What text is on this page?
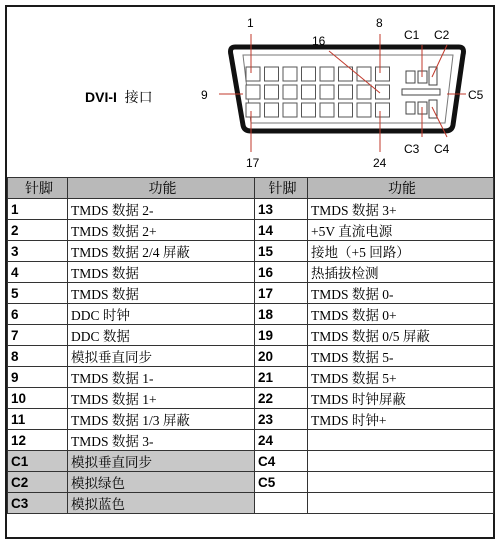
DVI-I 接口
1	8
9
16
17	24
C1 C2
C3 C4
C5
针脚	功能	针脚	功能
1	TMDS 数据 2-	13	TMDS 数据 3+
2	TMDS 数据 2+	14	+5V 直流电源
3	TMDS 数据 2/4 屏蔽	15	接地（+5 回路）
4	TMDS 数据	16	热插拔检测
5	TMDS 数据	17	TMDS 数据 0-
6	DDC 时钟	18	TMDS 数据 0+
7	DDC 数据	19	TMDS 数据 0/5 屏蔽
8	模拟垂直同步	20	TMDS 数据 5-
9	TMDS 数据 1-	21	TMDS 数据 5+
10	TMDS 数据 1+	22	TMDS 时钟屏蔽
11	TMDS 数据 1/3 屏蔽	23	TMDS 时钟+
12	TMDS 数据 3-	24	
C1	模拟垂直同步	C4	
C2	模拟绿色	C5	
C3	模拟蓝色		
